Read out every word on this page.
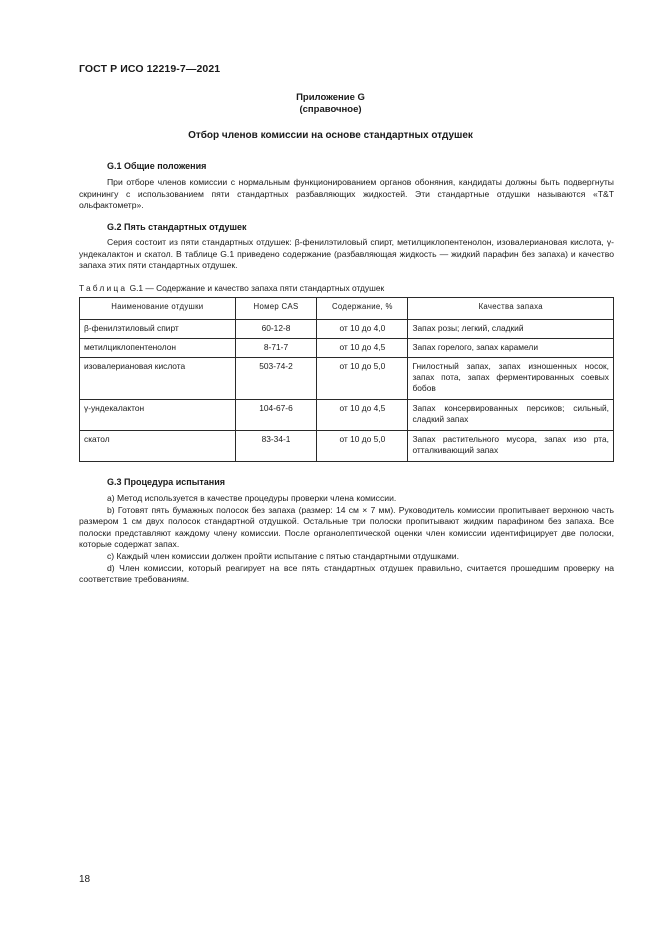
ГОСТ Р ИСО 12219-7—2021
Приложение G
(справочное)
Отбор членов комиссии на основе стандартных отдушек
G.1 Общие положения
При отборе членов комиссии с нормальным функционированием органов обоняния, кандидаты должны быть подвергнуты скринингу с использованием пяти стандартных разбавляющих жидкостей. Эти стандартные отдушки называются «T&T ольфактометр».
G.2 Пять стандартных отдушек
Серия состоит из пяти стандартных отдушек: β-фенилэтиловый спирт, метилциклопентенолон, изовалериановая кислота, γ-ундекалактон и скатол. В таблице G.1 приведено содержание (разбавляющая жидкость — жидкий парафин без запаха) и качество запаха этих пяти стандартных отдушек.
Таблица G.1 — Содержание и качество запаха пяти стандартных отдушек
Наименование отдушки	Номер CAS	Содержание, %	Качества запаха
β-фенилэтиловый спирт	60-12-8	от 10 до 4,0	Запах розы; легкий, сладкий
метилциклопентенолон	8-71-7	от 10 до 4,5	Запах горелого, запах карамели
изовалериановая кислота	503-74-2	от 10 до 5,0	Гнилостный запах, запах изношенных носок, запах пота, запах ферментированных соевых бобов
γ-ундекалактон	104-67-6	от 10 до 4,5	Запах консервированных персиков; сильный, сладкий запах
скатол	83-34-1	от 10 до 5,0	Запах растительного мусора, запах изо рта, отталкивающий запах
G.3 Процедура испытания
а) Метод используется в качестве процедуры проверки члена комиссии.
b) Готовят пять бумажных полосок без запаха (размер: 14 см × 7 мм). Руководитель комиссии пропитывает верхнюю часть размером 1 см двух полосок стандартной отдушкой. Остальные три полоски пропитывают жидким парафином без запаха. Все полоски представляют каждому члену комиссии. После органолептической оценки член комиссии идентифицирует две полоски, которые содержат запах.
с) Каждый член комиссии должен пройти испытание с пятью стандартными отдушками.
d) Член комиссии, который реагирует на все пять стандартных отдушек правильно, считается прошедшим проверку на соответствие требованиям.
18
